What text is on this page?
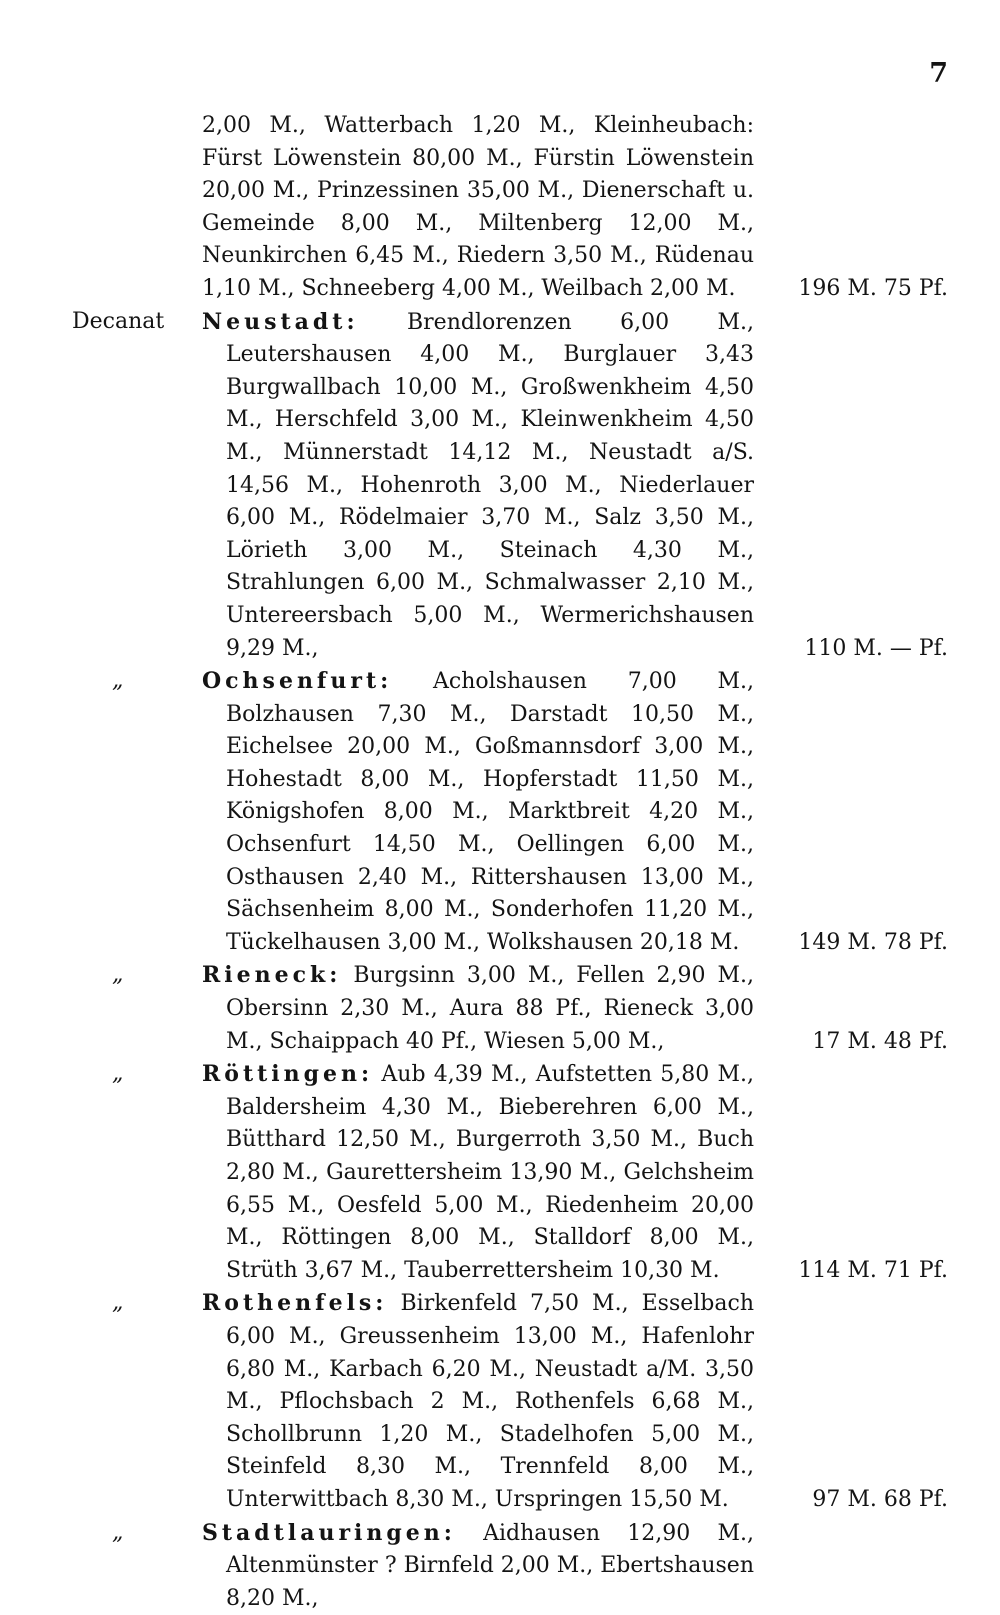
7
2,00 M., Watterbach 1,20 M., Kleinheubach: Fürst Löwenstein 80,00 M., Fürstin Löwenstein 20,00 M., Prinzessinen 35,00 M., Dienerschaft u. Gemeinde 8,00 M., Miltenberg 12,00 M., Neunkirchen 6,45 M., Riedern 3,50 M., Rüdenau 1,10 M., Schneeberg 4,00 M., Weilbach 2,00 M.	196 M. 75 Pf.
Decanat	Neustadt: Brendlorenzen 6,00 M., Leutershausen 4,00 M., Burglauer 3,43 Burgwallbach 10,00 M., Großwenkheim 4,50 M., Herschfeld 3,00 M., Kleinwenkheim 4,50 M., Münnerstadt 14,12 M., Neustadt a/S. 14,56 M., Hohenroth 3,00 M., Niederlauer 6,00 M., Rödelmaier 3,70 M., Salz 3,50 M., Lörieth 3,00 M., Steinach 4,30 M., Strahlungen 6,00 M., Schmalwasser 2,10 M., Untereersbach 5,00 M., Wermerichshausen 9,29 M.,	110 M. — Pf.
„	Ochsenfurt: Acholshausen 7,00 M., Bolzhausen 7,30 M., Darstadt 10,50 M., Eichelsee 20,00 M., Goßmannsdorf 3,00 M., Hohestadt 8,00 M., Hopferstadt 11,50 M., Königshofen 8,00 M., Marktbreit 4,20 M., Ochsenfurt 14,50 M., Oellingen 6,00 M., Osthausen 2,40 M., Rittershausen 13,00 M., Sächsenheim 8,00 M., Sonderhofen 11,20 M., Tückelhausen 3,00 M., Wolkshausen 20,18 M.	149 M. 78 Pf.
„	Rieneck: Burgsinn 3,00 M., Fellen 2,90 M., Obersinn 2,30 M., Aura 88 Pf., Rieneck 3,00 M., Schaippach 40 Pf., Wiesen 5,00 M.,	17 M. 48 Pf.
„	Röttingen: Aub 4,39 M., Aufstetten 5,80 M., Baldersheim 4,30 M., Bieberehren 6,00 M., Bütthard 12,50 M., Burgerroth 3,50 M., Buch 2,80 M., Gaurettersheim 13,90 M., Gelchsheim 6,55 M., Oesfeld 5,00 M., Riedenheim 20,00 M., Röttingen 8,00 M., Stalldorf 8,00 M., Strüth 3,67 M., Tauberrettersheim 10,30 M.	114 M. 71 Pf.
„	Rothenfels: Birkenfeld 7,50 M., Esselbach 6,00 M., Greussenheim 13,00 M., Hafenlohr 6,80 M., Karbach 6,20 M., Neustadt a/M. 3,50 M., Pflochsbach 2 M., Rothenfels 6,68 M., Schollbrunn 1,20 M., Stadelhofen 5,00 M., Steinfeld 8,30 M., Trennfeld 8,00 M., Unterwittbach 8,30 M., Urspringen 15,50 M.	97 M. 68 Pf.
„	Stadtlauringen: Aidhausen 12,90 M., Altenmünster ? Birnfeld 2,00 M., Ebertshausen 8,20 M.,
